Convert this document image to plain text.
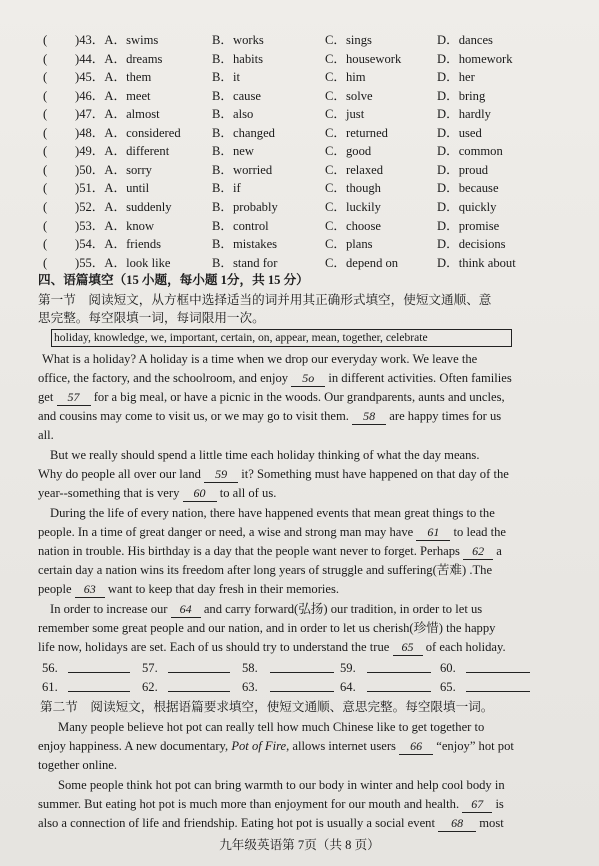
( )43．A．swims	B．works	C．sings	D．dances
( )44．A．dreams	B．habits	C．housework	D．homework
( )45．A．them	B．it	C．him	D．her
( )46．A．meet	B．cause	C．solve	D．bring
( )47．A．almost	B．also	C．just	D．hardly
( )48．A．considered B．changed	C．returned	D．used
( )49．A．different	B．new	C．good	D．common
( )50．A．sorry	B．worried	C．relaxed	D．proud
( )51．A．until	B．if	C．though	D．because
( )52．A．suddenly	B．probably	C．luckily	D．quickly
( )53．A．know	B．control	C．choose	D．promise
( )54．A．friends	B．mistakes	C．plans	D．decisions
( )55．A．look like	B．stand for	C．depend on	D．think about
四、语篇填空（15 小题，每小题 1分，共 15 分）
第一节　阅读短文，从方框中选择适当的词并用其正确形式填空，使短文通顺、意
思完整。每空限填一词，每词限用一次。
holiday, knowledge, we, important, certain, on, appear, mean, together, celebrate
What is a holiday? A holiday is a time when we drop our everyday work. We leave the
office, the factory, and the schoolroom, and enjoy 5o in different activities. Often families
get 57 for a big meal, or have a picnic in the woods. Our grandparents, aunts and uncles,
and cousins may come to visit us, or we may go to visit them. 58 are happy times for us
all.
But we really should spend a little time each holiday thinking of what the day means.
Why do people all over our land 59 it? Something must have happened on that day of the
year--something that is very 60 to all of us.
During the life of every nation, there have happened events that mean great things to the
people. In a time of great danger or need, a wise and strong man may have 61 to lead the
nation in trouble. His birthday is a day that the people want never to forget. Perhaps 62 a
certain day a nation wins its freedom after long years of struggle and suffering(苦难) .The
people 63 want to keep that day fresh in their memories.
In order to increase our 64 and carry forward(弘扬) our tradition, in order to let us
remember some great people and our nation, and in order to let us cherish(珍惜) the happy
life now, holidays are set. Each of us should try to understand the true 65 of each holiday.
56.	57.	58.	59.	60.
61.	62.	63.	64.	65.
第二节　阅读短文，根据语篇要求填空，使短文通顺、意思完整。每空限填一词。
Many people believe hot pot can really tell how much Chinese like to get together to
enjoy happiness. A new documentary, Pot of Fire, allows internet users 66 “enjoy” hot pot
together online.
Some people think hot pot can bring warmth to our body in winter and help cool body in
summer. But eating hot pot is much more than enjoyment for our mouth and health. 67 is
also a connection of life and friendship. Eating hot pot is usually a social event 68 most
九年级英语第 7页（共 8 页）
